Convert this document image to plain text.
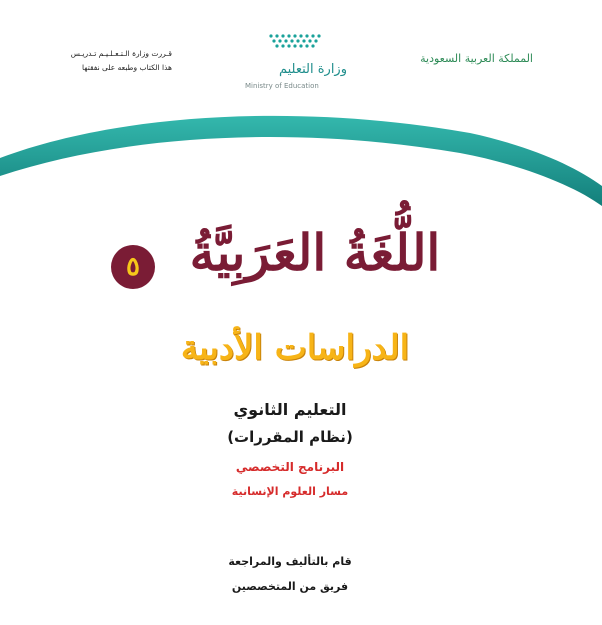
المملكة العربية السعودية
وزارة التعليم
Ministry of Education
قـررت وزارة الـتـعـلـيـم تـدريـس
هذا الكتاب وطبعه على نفقتها
اللُّغَةُ العَرَبِيَّةُ
٥
الدراسات الأدبية
التعليم الثانوي
(نظام المقررات)
البرنامج التخصصي
مسار العلوم الإنسانية
قام بالتأليف والمراجعة
فريق من المتخصصين
